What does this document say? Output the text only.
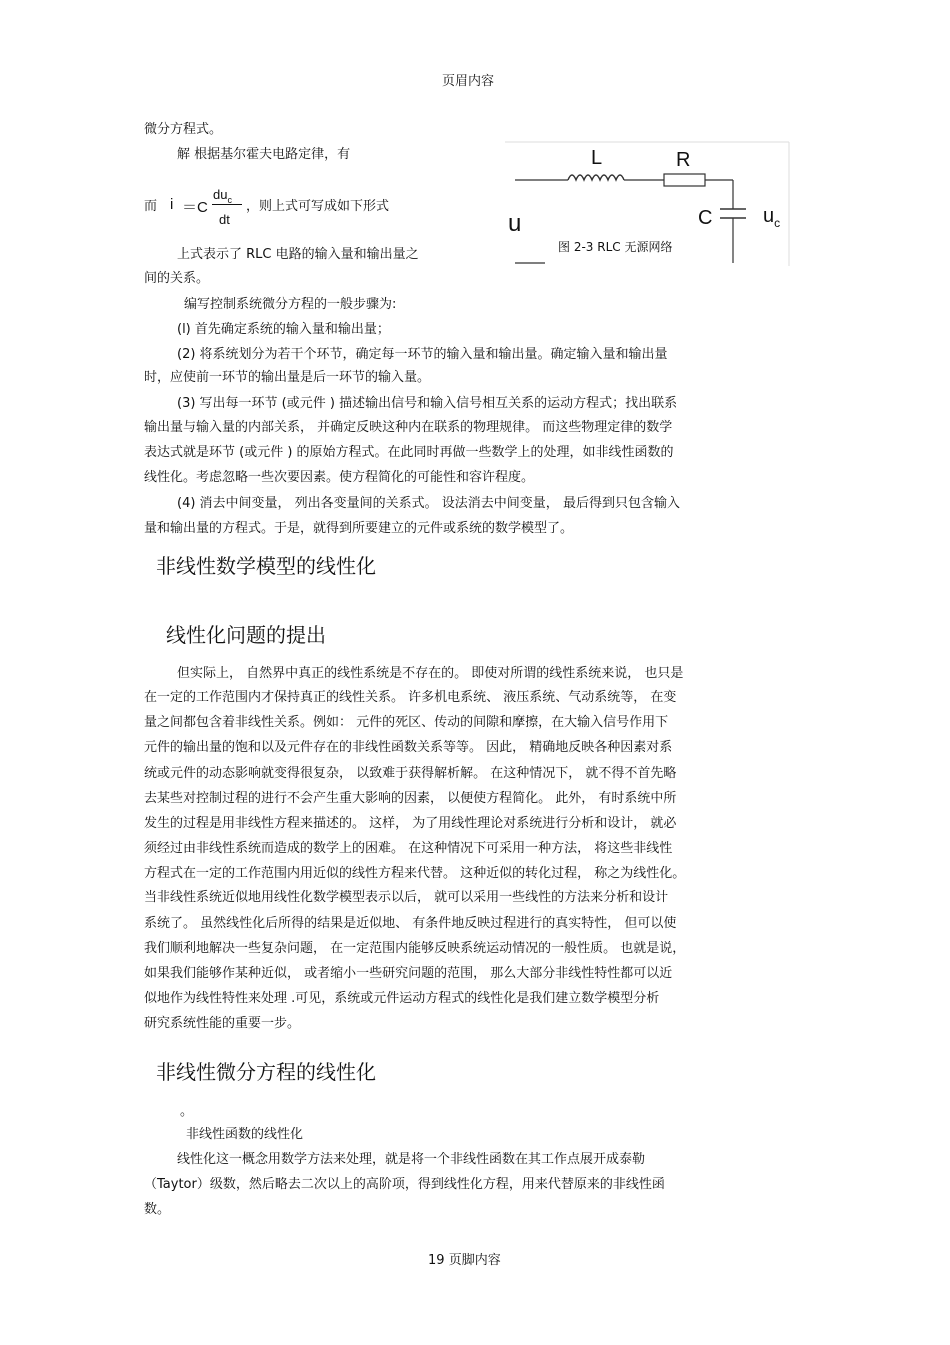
页眉内容
微分方程式。
解 根据基尔霍夫电路定律，有
而 i ＝C
$du_c$
dt
，则上式可写成如下形式
上式表示了 RLC 电路的输入量和输出量之
间的关系。
L	R
C
u	$u_c$
图 2-3 RLC 无源网络
编写控制系统微分方程的一般步骤为:
(l) 首先确定系统的输入量和输出量；
(2) 将系统划分为若干个环节，确定每一环节的输入量和输出量。确定输入量和输出量
时，应使前一环节的输出量是后一环节的输入量。
(3) 写出每一环节 (或元件 ) 描述输出信号和输入信号相互关系的运动方程式；找出联系
输出量与输入量的内部关系， 并确定反映这种内在联系的物理规律。 而这些物理定律的数学
表达式就是环节 (或元件 ) 的原始方程式。在此同时再做一些数学上的处理，如非线性函数的
线性化。考虑忽略一些次要因素。使方程简化的可能性和容许程度。
(4) 消去中间变量， 列出各变量间的关系式。 设法消去中间变量， 最后得到只包含输入
量和输出量的方程式。于是，就得到所要建立的元件或系统的数学模型了。
非线性数学模型的线性化
线性化问题的提出
但实际上， 自然界中真正的线性系统是不存在的。 即使对所谓的线性系统来说， 也只是
在一定的工作范围内才保持真正的线性关系。 许多机电系统、 液压系统、气动系统等， 在变
量之间都包含着非线性关系。例如： 元件的死区、传动的间隙和摩擦，在大输入信号作用下
元件的输出量的饱和以及元件存在的非线性函数关系等等。 因此， 精确地反映各种因素对系
统或元件的动态影响就变得很复杂， 以致难于获得解析解。 在这种情况下， 就不得不首先略
去某些对控制过程的进行不会产生重大影响的因素， 以便使方程简化。 此外， 有时系统中所
发生的过程是用非线性方程来描述的。 这样， 为了用线性理论对系统进行分析和设计， 就必
须经过由非线性系统而造成的数学上的困难。 在这种情况下可采用一种方法， 将这些非线性
方程式在一定的工作范围内用近似的线性方程来代替。 这种近似的转化过程， 称之为线性化。
当非线性系统近似地用线性化数学模型表示以后， 就可以采用一些线性的方法来分析和设计
系统了。 虽然线性化后所得的结果是近似地、 有条件地反映过程进行的真实特性， 但可以使
我们顺利地解决一些复杂问题， 在一定范围内能够反映系统运动情况的一般性质。 也就是说，
如果我们能够作某种近似， 或者缩小一些研究问题的范围， 那么大部分非线性特性都可以近
似地作为线性特性来处理 .可见，系统或元件运动方程式的线性化是我们建立数学模型分析
研究系统性能的重要一步。
非线性微分方程的线性化
。
非线性函数的线性化
线性化这一概念用数学方法来处理，就是将一个非线性函数在其工作点展开成泰勒
（Taytor）级数，然后略去二次以上的高阶项，得到线性化方程，用来代替原来的非线性函
数。
19 页脚内容
